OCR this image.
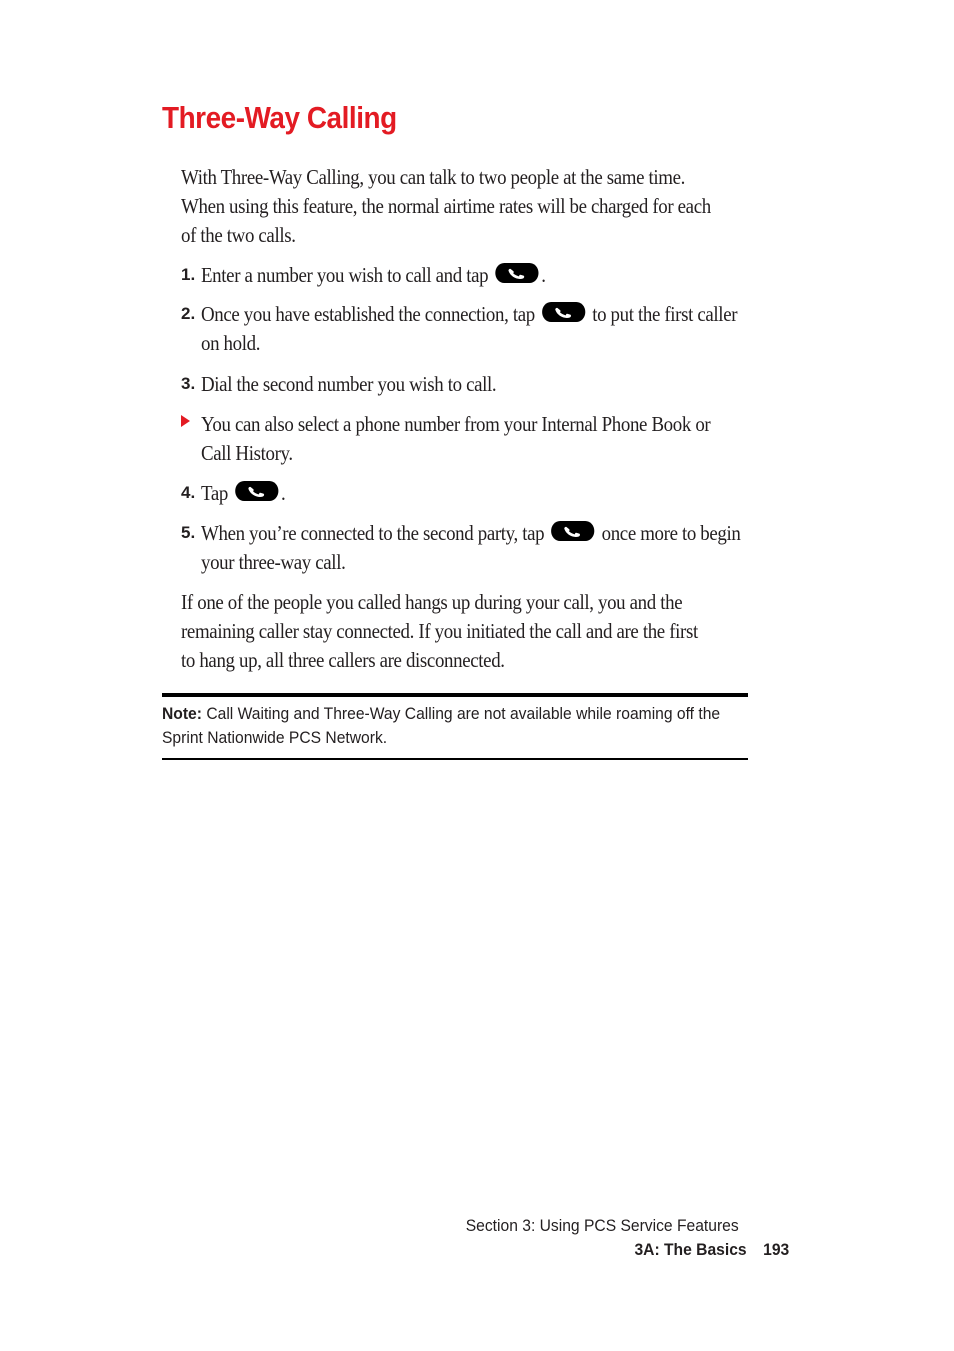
Three-Way Calling

With Three-Way Calling, you can talk to two people at the same time. When using this feature, the normal airtime rates will be charged for each of the two calls.

1. Enter a number you wish to call and tap
.

2. Once you have established the connection, tap
to put the first caller on hold.

3. Dial the second number you wish to call.

You can also select a phone number from your Internal Phone Book or Call History.

4. Tap
.

5. When you’re connected to the second party, tap
once more to begin your three-way call.

If one of the people you called hangs up during your call, you and the remaining caller stay connected. If you initiated the call and are the first to hang up, all three callers are disconnected.

Note: Call Waiting and Three-Way Calling are not available while roaming off the Sprint Nationwide PCS Network.

Section 3: Using PCS Service Features
3A: The Basics 193
